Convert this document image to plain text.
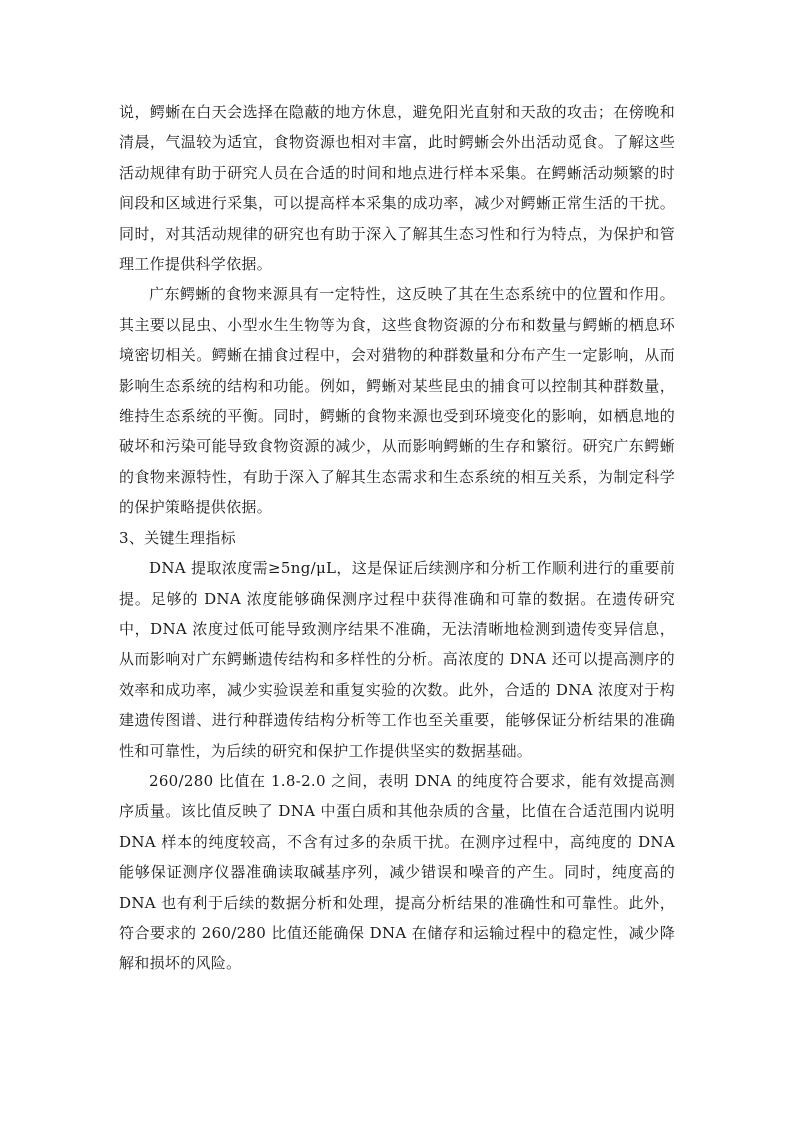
说，鳄蜥在白天会选择在隐蔽的地方休息，避免阳光直射和天敌的攻击；在傍晚和清晨，气温较为适宜，食物资源也相对丰富，此时鳄蜥会外出活动觅食。了解这些活动规律有助于研究人员在合适的时间和地点进行样本采集。在鳄蜥活动频繁的时间段和区域进行采集，可以提高样本采集的成功率，减少对鳄蜥正常生活的干扰。同时，对其活动规律的研究也有助于深入了解其生态习性和行为特点，为保护和管理工作提供科学依据。

广东鳄蜥的食物来源具有一定特性，这反映了其在生态系统中的位置和作用。其主要以昆虫、小型水生生物等为食，这些食物资源的分布和数量与鳄蜥的栖息环境密切相关。鳄蜥在捕食过程中，会对猎物的种群数量和分布产生一定影响，从而影响生态系统的结构和功能。例如，鳄蜥对某些昆虫的捕食可以控制其种群数量，维持生态系统的平衡。同时，鳄蜥的食物来源也受到环境变化的影响，如栖息地的破坏和污染可能导致食物资源的减少，从而影响鳄蜥的生存和繁衍。研究广东鳄蜥的食物来源特性，有助于深入了解其生态需求和生态系统的相互关系，为制定科学的保护策略提供依据。

3、关键生理指标

DNA 提取浓度需≥5ng/μL，这是保证后续测序和分析工作顺利进行的重要前提。足够的 DNA 浓度能够确保测序过程中获得准确和可靠的数据。在遗传研究中，DNA 浓度过低可能导致测序结果不准确，无法清晰地检测到遗传变异信息，从而影响对广东鳄蜥遗传结构和多样性的分析。高浓度的 DNA 还可以提高测序的效率和成功率，减少实验误差和重复实验的次数。此外，合适的 DNA 浓度对于构建遗传图谱、进行种群遗传结构分析等工作也至关重要，能够保证分析结果的准确性和可靠性，为后续的研究和保护工作提供坚实的数据基础。

260/280 比值在 1.8-2.0 之间，表明 DNA 的纯度符合要求，能有效提高测序质量。该比值反映了 DNA 中蛋白质和其他杂质的含量，比值在合适范围内说明 DNA 样本的纯度较高，不含有过多的杂质干扰。在测序过程中，高纯度的 DNA 能够保证测序仪器准确读取碱基序列，减少错误和噪音的产生。同时，纯度高的 DNA 也有利于后续的数据分析和处理，提高分析结果的准确性和可靠性。此外，符合要求的 260/280 比值还能确保 DNA 在储存和运输过程中的稳定性，减少降解和损坏的风险。
